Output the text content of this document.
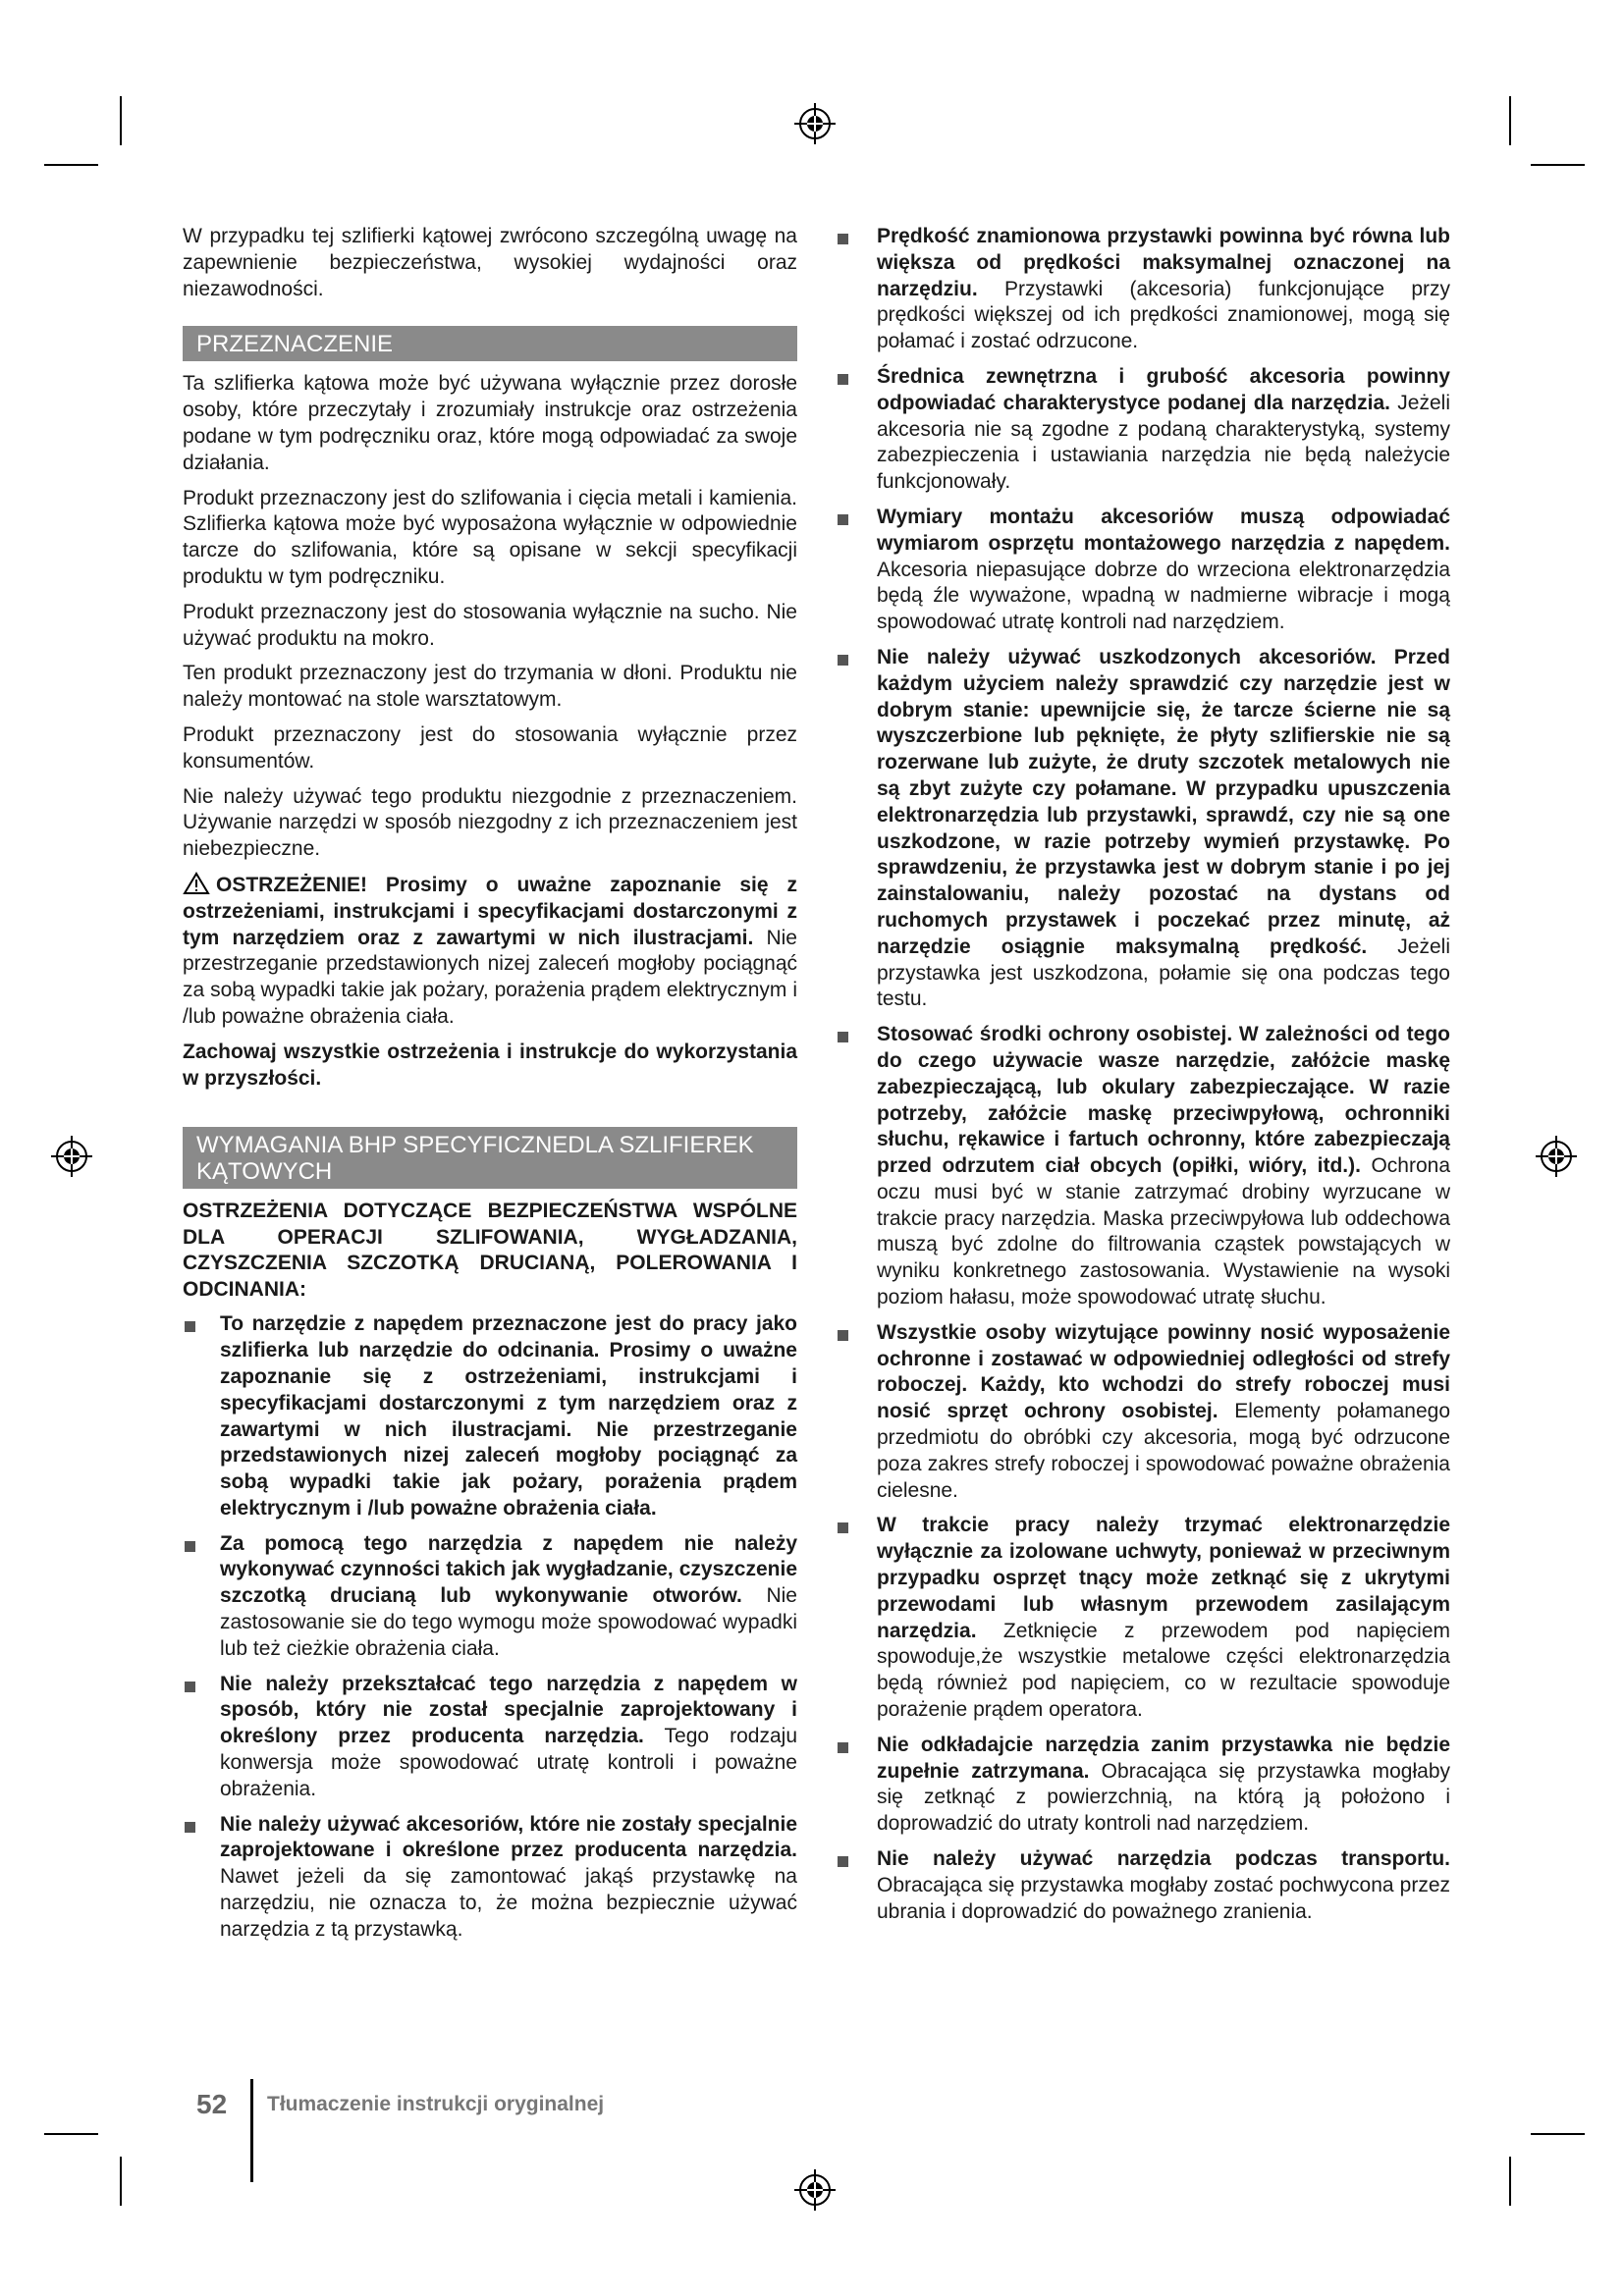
W przypadku tej szlifierki kątowej zwrócono szczególną uwagę na zapewnienie bezpieczeństwa, wysokiej wydajności oraz niezawodności.

PRZEZNACZENIE

Ta szlifierka kątowa może być używana wyłącznie przez dorosłe osoby, które przeczytały i zrozumiały instrukcje oraz ostrzeżenia podane w tym podręczniku oraz, które mogą odpowiadać za swoje działania.

Produkt przeznaczony jest do szlifowania i cięcia metali i kamienia. Szlifierka kątowa może być wyposażona wyłącznie w odpowiednie tarcze do szlifowania, które są opisane w sekcji specyfikacji produktu w tym podręczniku.

Produkt przeznaczony jest do stosowania wyłącznie na sucho. Nie używać produktu na mokro.

Ten produkt przeznaczony jest do trzymania w dłoni. Produktu nie należy montować na stole warsztatowym.

Produkt przeznaczony jest do stosowania wyłącznie przez konsumentów.

Nie należy używać tego produktu niezgodnie z przeznaczeniem. Używanie narzędzi w sposób niezgodny z ich przeznaczeniem jest niebezpieczne.

OSTRZEŻENIE! Prosimy o uważne zapoznanie się z ostrzeżeniami, instrukcjami i specyfikacjami dostarczonymi z tym narzędziem oraz z zawartymi w nich ilustracjami. Nie przestrzeganie przedstawionych nizej zaleceń mogłoby pociągnąć za sobą wypadki takie jak pożary, porażenia prądem elektrycznym i /lub poważne obrażenia ciała.

Zachowaj wszystkie ostrzeżenia i instrukcje do wykorzystania w przyszłości.

WYMAGANIA BHP SPECYFICZNEDLA SZLIFIEREK KĄTOWYCH

OSTRZEŻENIA DOTYCZĄCE BEZPIECZEŃSTWA WSPÓLNE DLA OPERACJI SZLIFOWANIA, WYGŁADZANIA, CZYSZCZENIA SZCZOTKĄ DRUCIANĄ, POLEROWANIA I ODCINANIA:

To narzędzie z napędem przeznaczone jest do pracy jako szlifierka lub narzędzie do odcinania. Prosimy o uważne zapoznanie się z ostrzeżeniami, instrukcjami i specyfikacjami dostarczonymi z tym narzędziem oraz z zawartymi w nich ilustracjami. Nie przestrzeganie przedstawionych nizej zaleceń mogłoby pociągnąć za sobą wypadki takie jak pożary, porażenia prądem elektrycznym i /lub poważne obrażenia ciała.
Za pomocą tego narzędzia z napędem nie należy wykonywać czynności takich jak wygładzanie, czyszczenie szczotką drucianą lub wykonywanie otworów. Nie zastosowanie sie do tego wymogu może spowodować wypadki lub też cieżkie obrażenia ciała.
Nie należy przekształcać tego narzędzia z napędem w sposób, który nie został specjalnie zaprojektowany i określony przez producenta narzędzia. Tego rodzaju konwersja może spowodować utratę kontroli i poważne obrażenia.
Nie należy używać akcesoriów, które nie zostały specjalnie zaprojektowane i określone przez producenta narzędzia. Nawet jeżeli da się zamontować jakąś przystawkę na narzędziu, nie oznacza to, że można bezpiecznie używać narzędzia z tą przystawką.
Prędkość znamionowa przystawki powinna być równa lub większa od prędkości maksymalnej oznaczonej na narzędziu. Przystawki (akcesoria) funkcjonujące przy prędkości większej od ich prędkości znamionowej, mogą się połamać i zostać odrzucone.
Średnica zewnętrzna i grubość akcesoria powinny odpowiadać charakterystyce podanej dla narzędzia. Jeżeli akcesoria nie są zgodne z podaną charakterystyką, systemy zabezpieczenia i ustawiania narzędzia nie będą należycie funkcjonowały.
Wymiary montażu akcesoriów muszą odpowiadać wymiarom osprzętu montażowego narzędzia z napędem. Akcesoria niepasujące dobrze do wrzeciona elektronarzędzia będą źle wyważone, wpadną w nadmierne wibracje i mogą spowodować utratę kontroli nad narzędziem.
Nie należy używać uszkodzonych akcesoriów. Przed każdym użyciem należy sprawdzić czy narzędzie jest w dobrym stanie: upewnijcie się, że tarcze ścierne nie są wyszczerbione lub pęknięte, że płyty szlifierskie nie są rozerwane lub zużyte, że druty szczotek metalowych nie są zbyt zużyte czy połamane. W przypadku upuszczenia elektronarzędzia lub przystawki, sprawdź, czy nie są one uszkodzone, w razie potrzeby wymień przystawkę. Po sprawdzeniu, że przystawka jest w dobrym stanie i po jej zainstalowaniu, należy pozostać na dystans od ruchomych przystawek i poczekać przez minutę, aż narzędzie osiągnie maksymalną prędkość. Jeżeli przystawka jest uszkodzona, połamie się ona podczas tego testu.
Stosować środki ochrony osobistej. W zależności od tego do czego używacie wasze narzędzie, załóżcie maskę zabezpieczającą, lub okulary zabezpieczające. W razie potrzeby, załóżcie maskę przeciwpyłową, ochronniki słuchu, rękawice i fartuch ochronny, które zabezpieczają przed odrzutem ciał obcych (opiłki, wióry, itd.). Ochrona oczu musi być w stanie zatrzymać drobiny wyrzucane w trakcie pracy narzędzia. Maska przeciwpyłowa lub oddechowa muszą być zdolne do filtrowania cząstek powstających w wyniku konkretnego zastosowania. Wystawienie na wysoki poziom hałasu, może spowodować utratę słuchu.
Wszystkie osoby wizytujące powinny nosić wyposażenie ochronne i zostawać w odpowiedniej odległości od strefy roboczej. Każdy, kto wchodzi do strefy roboczej musi nosić sprzęt ochrony osobistej. Elementy połamanego przedmiotu do obróbki czy akcesoria, mogą być odrzucone poza zakres strefy roboczej i spowodować poważne obrażenia cielesne.
W trakcie pracy należy trzymać elektronarzędzie wyłącznie za izolowane uchwyty, ponieważ w przeciwnym przypadku osprzęt tnący może zetknąć się z ukrytymi przewodami lub własnym przewodem zasilającym narzędzia. Zetknięcie z przewodem pod napięciem spowoduje,że wszystkie metalowe części elektronarzędzia będą również pod napięciem, co w rezultacie spowoduje porażenie prądem operatora.
Nie odkładajcie narzędzia zanim przystawka nie będzie zupełnie zatrzymana. Obracająca się przystawka mogłaby się zetknąć z powierzchnią, na którą ją położono i doprowadzić do utraty kontroli nad narzędziem.
Nie należy używać narzędzia podczas transportu. Obracająca się przystawka mogłaby zostać pochwycona przez ubrania i doprowadzić do poważnego zranienia.
52 Tłumaczenie instrukcji oryginalnej
